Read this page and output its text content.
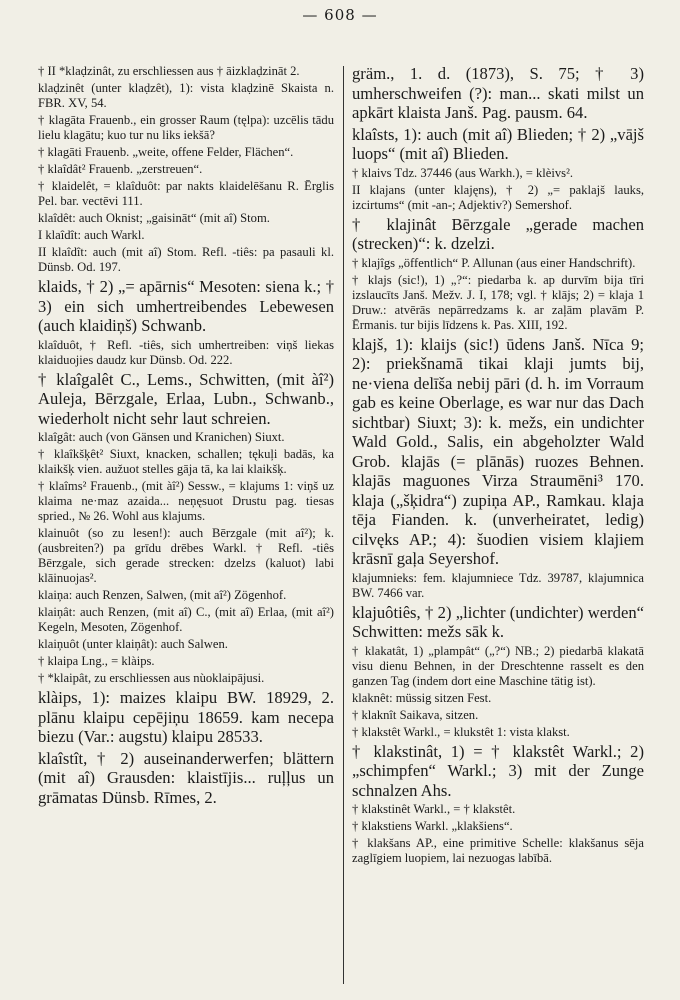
— 608 —

† II *klaḍzinât, zu erschliessen aus † āizklaḍzināt 2.

klaḍzinêt (unter klaḍzêt), 1): vista klaḍzinē Skaista n. FBR. XV, 54.

† klagāta Frauenb., ein grosser Raum (tęlpa): uzcēlis tādu lielu klagātu; kuo tur nu liks iekšā?

† klagāti Frauenb. „weite, offene Felder, Flächen“.

† klaîdât² Frauenb. „zerstreuen“.

† klaidelêt, = klaîduôt: par nakts klaidelēšanu R. Ērglis Pel. bar. vectēvi 111.

klaîdêt: auch Oknist; „gaisināt“ (mit aî) Stom.

I klaîdît: auch Warkl.

II klaîdît: auch (mit aî) Stom. Refl. -tiês: pa pasauli kl. Dünsb. Od. 197.

klaids, † 2) „= apārnis“ Mesoten: siena k.; † 3) ein sich umhertreibendes Lebewesen (auch klaidiņš) Schwanb.

klaîduôt, † Refl. -tiês, sich umhertreiben: viņš liekas klaiduojies daudz kur Dünsb. Od. 222.

† klaîgalêt C., Lems., Schwitten, (mit àî²) Auleja, Bērzgale, Erlaa, Lubn., Schwanb., wiederholt nicht sehr laut schreien.

klaîgât: auch (von Gänsen und Kranichen) Siuxt.

† klaîkšķêt² Siuxt, knacken, schallen; tękuļi badās, ka klaikšķ vien. aužuot stelles gāja tā, ka lai klaikšķ.

† klaîms² Frauenb., (mit àî²) Sessw., = klajums 1: viņš uz klaima ne·maz azaida... neņęsuot Drustu pag. tiesas spried., № 26. Wohl aus klajums.

klainuôt (so zu lesen!): auch Bērzgale (mit aî²); k. (ausbreiten?) pa grīdu drēbes Warkl. † Refl. -tiês Bērzgale, sich gerade strecken: dzelzs (kaluot) labi klāinuojas².

klaiņa: auch Renzen, Salwen, (mit aî²) Zögenhof.

klaiņât: auch Renzen, (mit aî) C., (mit aî) Erlaa, (mit aî²) Kegeln, Mesoten, Zögenhof.

klaiņuôt (unter klaiņât): auch Salwen.

† klaipa Lng., = klàips.

† *klaipât, zu erschliessen aus nùoklaipājusi.

klàips, 1): maizes klaipu BW. 18929, 2. plānu klaipu cepējiņu 18659. kam necepa biezu (Var.: augstu) klaipu 28533.

klaîstît, † 2) auseinanderwerfen; blättern (mit aî) Grausden: klaistījis... ruļļus un grāmatas Dünsb. Rīmes, 2.

gräm., 1. d. (1873), S. 75; † 3) umherschweifen (?): man... skati milst un apkārt klaista Janš. Pag. pausm. 64.

klaîsts, 1): auch (mit aî) Blieden; † 2) „vājš luops“ (mit aî) Blieden.

† klaivs Tdz. 37446 (aus Warkh.), = klèivs².

II klajans (unter klajęns), † 2) „= paklajš lauks, izcirtums“ (mit -an-; Adjektiv?) Semershof.

† klajinât Bērzgale „gerade machen (strecken)“: k. dzelzi.

† klajîgs „öffentlich“ P. Allunan (aus einer Handschrift).

† klajs (sic!), 1) „?“: piedarba k. ap durvīm bija tīri izslaucīts Janš. Mežv. J. I, 178; vgl. † klājs; 2) = klaja 1 Druw.: atvērās nepārredzams k. ar zaļām plavām P. Ērmanis. tur bijis līdzens k. Pas. XIII, 192.

klajš, 1): klaijs (sic!) ūdens Janš. Nīca 9; 2): priekšnamā tikai klaji jumts bij, ne·viena delīša nebij pāri (d. h. im Vorraum gab es keine Oberlage, es war nur das Dach sichtbar) Siuxt; 3): k. mežs, ein undichter Wald Gold., Salis, ein abgeholzter Wald Grob. klajās (= plānās) ruozes Behnen. klajās maguones Virza Straumēni³ 170. klaja („šķidra“) zupiņa AP., Ramkau. klaja tēja Fianden. k. (unverheiratet, ledig) cilvęks AP.; 4): šuodien visiem klajiem krāsnī gaļa Seyershof.

klajumnieks: fem. klajumniece Tdz. 39787, klajumnica BW. 7466 var.

klajuôtiês, † 2) „lichter (undichter) werden“ Schwitten: mežs sāk k.

† klakatât, 1) „plampât“ („?“) NB.; 2) piedarbā klakatā visu dienu Behnen, in der Dreschtenne rasselt es den ganzen Tag (indem dort eine Maschine tätig ist).

klaknêt: müssig sitzen Fest.

† klaknît Saikava, sitzen.

† klakstêt Warkl., = klukstêt 1: vista klakst.

† klakstinât, 1) = † klakstêt Warkl.; 2) „schimpfen“ Warkl.; 3) mit der Zunge schnalzen Ahs.

† klakstinêt Warkl., = † klakstêt.

† klakstiens Warkl. „klakšiens“.

† klakšans AP., eine primitive Schelle: klakšanus sēja zaglīgiem luopiem, lai nezuogas labībā.
